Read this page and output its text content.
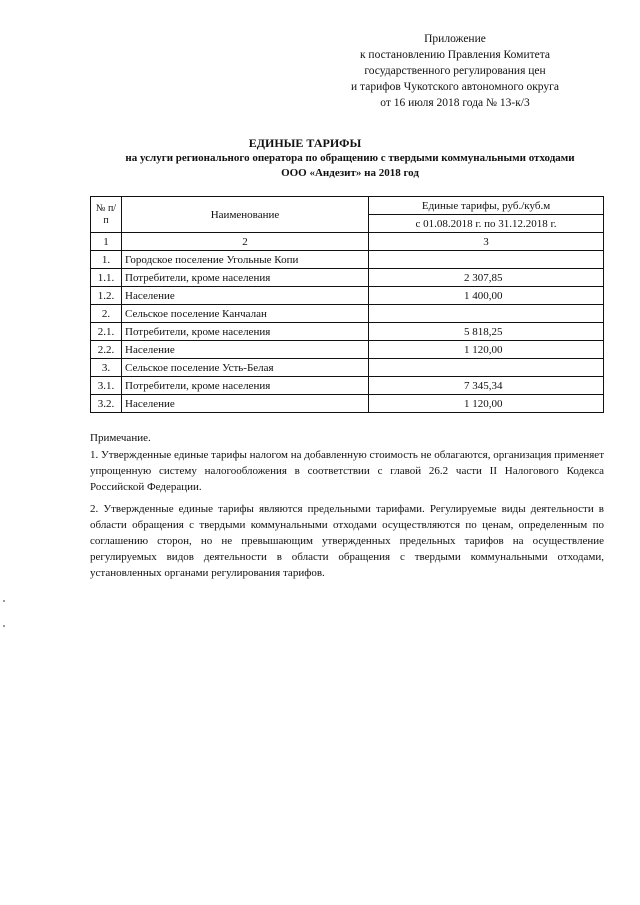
Приложение
к постановлению Правления Комитета
государственного регулирования цен
и тарифов Чукотского автономного округа
от 16 июля 2018 года № 13-к/3
ЕДИНЫЕ ТАРИФЫ
на услуги регионального оператора по обращению с твердыми коммунальными отходами
ООО «Андезит» на 2018 год
№ п/п	Наименование	Единые тарифы, руб./куб.м
		с 01.08.2018 г. по 31.12.2018 г.
1	2	3
1.	Городское поселение Угольные Копи	
1.1.	Потребители, кроме населения	2 307,85
1.2.	Население	1 400,00
2.	Сельское поселение Канчалан	
2.1.	Потребители, кроме населения	5 818,25
2.2.	Население	1 120,00
3.	Сельское поселение Усть-Белая	
3.1.	Потребители, кроме населения	7 345,34
3.2.	Население	1 120,00

Примечание.

1. Утвержденные единые тарифы налогом на добавленную стоимость не облагаются, организация применяет упрощенную систему налогообложения в соответствии с главой 26.2 части II Налогового Кодекса Российской Федерации.

2. Утвержденные единые тарифы являются предельными тарифами. Регулируемые виды деятельности в области обращения с твердыми коммунальными отходами осуществляются по ценам, определенным по соглашению сторон, но не превышающим утвержденных предельных тарифов на осуществление регулируемых видов деятельности в области обращения с твердыми коммунальными отходами, установленных органами регулирования тарифов.
